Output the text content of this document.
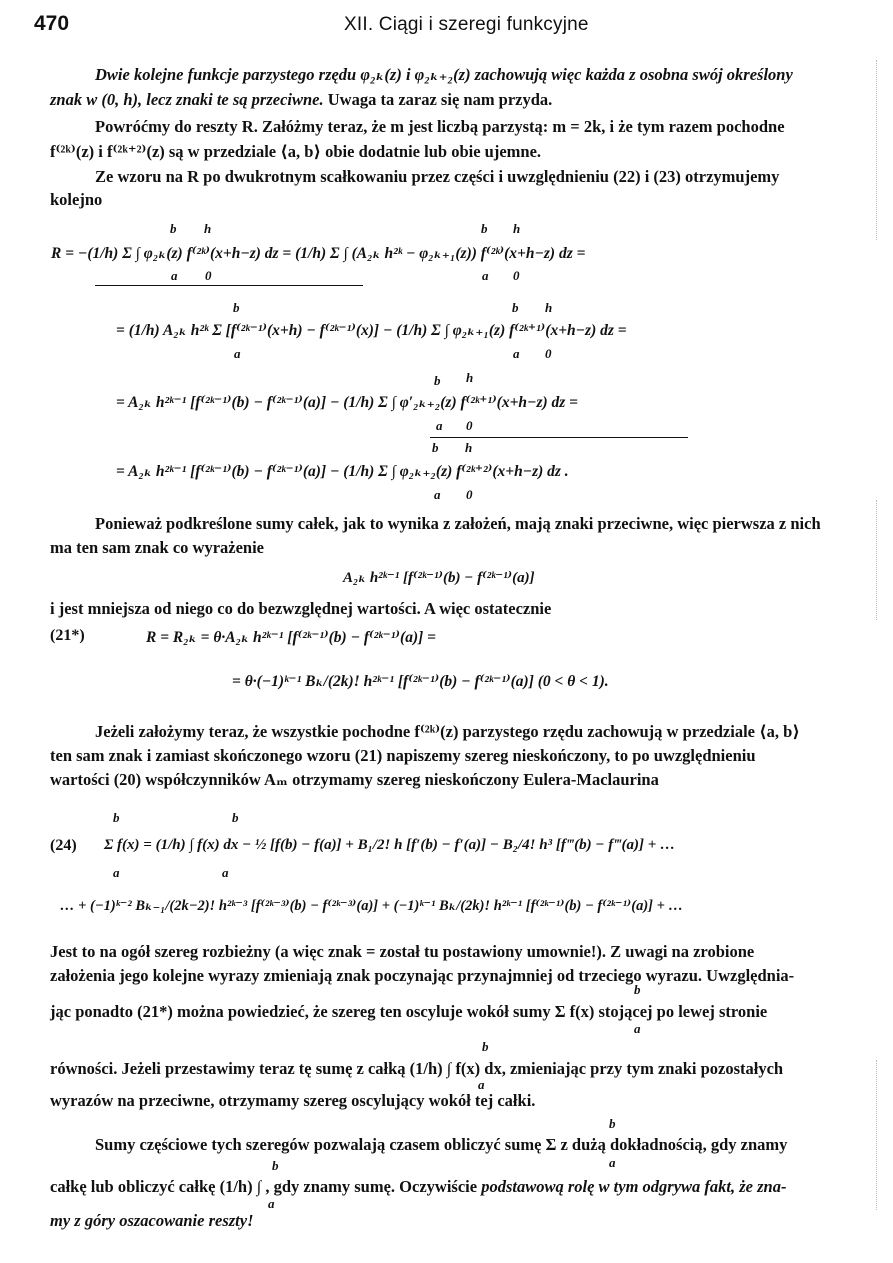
470	XII. Ciągi i szeregi funkcyjne
Dwie kolejne funkcje parzystego rzędu φ₂ₖ(z) i φ₂ₖ₊₂(z) zachowują więc każda z osobna swój określony
znak w (0, h), lecz znaki te są przeciwne. Uwaga ta zaraz się nam przyda.
Powróćmy do reszty R. Załóżmy teraz, że m jest liczbą parzystą: m = 2k, i że tym razem pochodne
f⁽²ᵏ⁾(z) i f⁽²ᵏ⁺²⁾(z) są w przedziale ⟨a, b⟩ obie dodatnie lub obie ujemne.
Ze wzoru na R po dwukrotnym scałkowaniu przez części i uwzględnieniu (22) i (23) otrzymujemy
kolejno
b h	b h
R = −(1/h) Σ ∫ φ₂ₖ(z) f⁽²ᵏ⁾(x+h−z) dz = (1/h) Σ ∫ (A₂ₖ h²ᵏ − φ₂ₖ₊₁(z)) f⁽²ᵏ⁾(x+h−z) dz =
a 0	a 0
b	b h
= (1/h) A₂ₖ h²ᵏ Σ [f⁽²ᵏ⁻¹⁾(x+h) − f⁽²ᵏ⁻¹⁾(x)] − (1/h) Σ ∫ φ₂ₖ₊₁(z) f⁽²ᵏ⁺¹⁾(x+h−z) dz =
a	a 0
b h
= A₂ₖ h²ᵏ⁻¹ [f⁽²ᵏ⁻¹⁾(b) − f⁽²ᵏ⁻¹⁾(a)] − (1/h) Σ ∫ φ′₂ₖ₊₂(z) f⁽²ᵏ⁺¹⁾(x+h−z) dz =
a 0
b h
= A₂ₖ h²ᵏ⁻¹ [f⁽²ᵏ⁻¹⁾(b) − f⁽²ᵏ⁻¹⁾(a)] − (1/h) Σ ∫ φ₂ₖ₊₂(z) f⁽²ᵏ⁺²⁾(x+h−z) dz .
a 0
Ponieważ podkreślone sumy całek, jak to wynika z założeń, mają znaki przeciwne, więc pierwsza z nich
ma ten sam znak co wyrażenie
A₂ₖ h²ᵏ⁻¹ [f⁽²ᵏ⁻¹⁾(b) − f⁽²ᵏ⁻¹⁾(a)]
i jest mniejsza od niego co do bezwzględnej wartości. A więc ostatecznie
(21*)	R = R₂ₖ = θ·A₂ₖ h²ᵏ⁻¹ [f⁽²ᵏ⁻¹⁾(b) − f⁽²ᵏ⁻¹⁾(a)] =
= θ·(−1)ᵏ⁻¹ Bₖ/(2k)! h²ᵏ⁻¹ [f⁽²ᵏ⁻¹⁾(b) − f⁽²ᵏ⁻¹⁾(a)] (0 < θ < 1).
Jeżeli założymy teraz, że wszystkie pochodne f⁽²ᵏ⁾(z) parzystego rzędu zachowują w przedziale ⟨a, b⟩
ten sam znak i zamiast skończonego wzoru (21) napiszemy szereg nieskończony, to po uwzględnieniu
wartości (20) współczynników Aₘ otrzymamy szereg nieskończony Eulera-Maclaurina
b	b
(24) Σ f(x) = (1/h) ∫ f(x) dx − ½ [f(b) − f(a)] + B₁/2! h [f′(b) − f′(a)] − B₂/4! h³ [f‴(b) − f‴(a)] + …
a	a
… + (−1)ᵏ⁻² Bₖ₋₁/(2k−2)! h²ᵏ⁻³ [f⁽²ᵏ⁻³⁾(b) − f⁽²ᵏ⁻³⁾(a)] + (−1)ᵏ⁻¹ Bₖ/(2k)! h²ᵏ⁻¹ [f⁽²ᵏ⁻¹⁾(b) − f⁽²ᵏ⁻¹⁾(a)] + …
Jest to na ogół szereg rozbieżny (a więc znak = został tu postawiony umownie!). Z uwagi na zrobione
założenia jego kolejne wyrazy zmieniają znak poczynając przynajmniej od trzeciego wyrazu. Uwzględnia-
b
jąc ponadto (21*) można powiedzieć, że szereg ten oscyluje wokół sumy Σ f(x) stojącej po lewej stronie
a
b
równości. Jeżeli przestawimy teraz tę sumę z całką (1/h) ∫ f(x) dx, zmieniając przy tym znaki pozostałych
a
wyrazów na przeciwne, otrzymamy szereg oscylujący wokół tej całki.
b
Sumy częściowe tych szeregów pozwalają czasem obliczyć sumę Σ z dużą dokładnością, gdy znamy
a
b
całkę lub obliczyć całkę (1/h) ∫ , gdy znamy sumę. Oczywiście podstawową rolę w tym odgrywa fakt, że zna-
a
my z góry oszacowanie reszty!
